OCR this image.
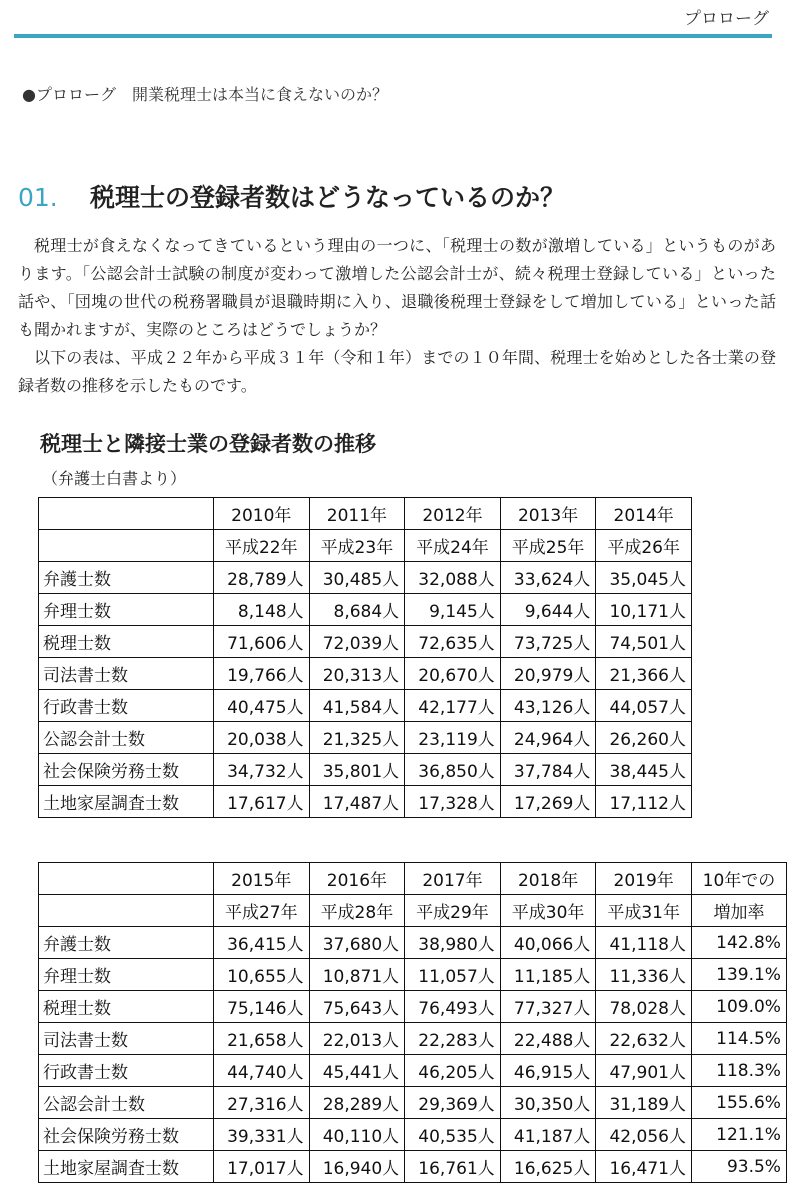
プロローグ
●プロローグ　開業税理士は本当に食えないのか？
01. 税理士の登録者数はどうなっているのか？

税理士が食えなくなってきているという理由の一つに、「税理士の数が激増している」というものがあります。「公認会計士試験の制度が変わって激増した公認会計士が、続々税理士登録している」といった話や、「団塊の世代の税務署職員が退職時期に入り、退職後税理士登録をして増加している」といった話も聞かれますが、実際のところはどうでしょうか？

以下の表は、平成２２年から平成３１年（令和１年）までの１０年間、税理士を始めとした各士業の登録者数の推移を示したものです。

税理士と隣接士業の登録者数の推移
（弁護士白書より）
	2010年	2011年	2012年	2013年	2014年
	平成22年	平成23年	平成24年	平成25年	平成26年
弁護士数	28,789人	30,485人	32,088人	33,624人	35,045人
弁理士数	8,148人	8,684人	9,145人	9,644人	10,171人
税理士数	71,606人	72,039人	72,635人	73,725人	74,501人
司法書士数	19,766人	20,313人	20,670人	20,979人	21,366人
行政書士数	40,475人	41,584人	42,177人	43,126人	44,057人
公認会計士数	20,038人	21,325人	23,119人	24,964人	26,260人
社会保険労務士数	34,732人	35,801人	36,850人	37,784人	38,445人
土地家屋調査士数	17,617人	17,487人	17,328人	17,269人	17,112人
	2015年	2016年	2017年	2018年	2019年	10年での
	平成27年	平成28年	平成29年	平成30年	平成31年	増加率
弁護士数	36,415人	37,680人	38,980人	40,066人	41,118人	142.8%
弁理士数	10,655人	10,871人	11,057人	11,185人	11,336人	139.1%
税理士数	75,146人	75,643人	76,493人	77,327人	78,028人	109.0%
司法書士数	21,658人	22,013人	22,283人	22,488人	22,632人	114.5%
行政書士数	44,740人	45,441人	46,205人	46,915人	47,901人	118.3%
公認会計士数	27,316人	28,289人	29,369人	30,350人	31,189人	155.6%
社会保険労務士数	39,331人	40,110人	40,535人	41,187人	42,056人	121.1%
土地家屋調査士数	17,017人	16,940人	16,761人	16,625人	16,471人	93.5%
